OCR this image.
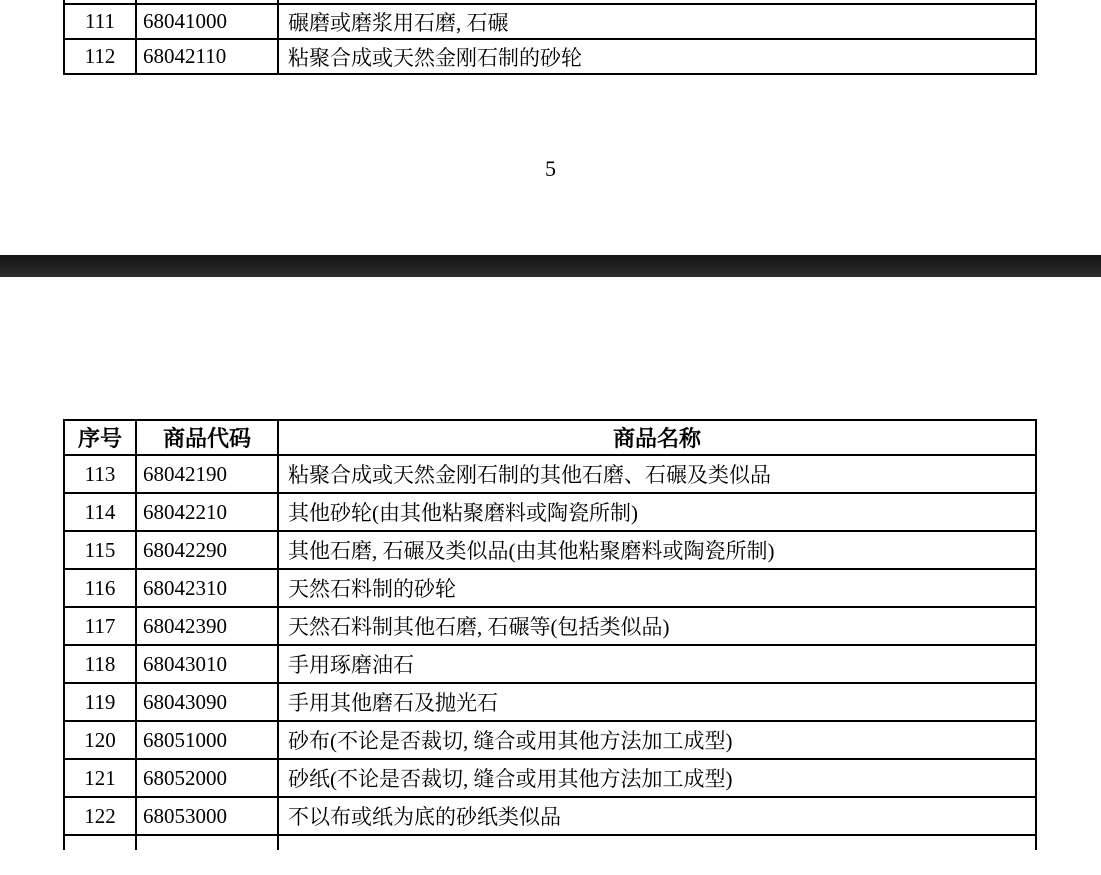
111	68041000	碾磨或磨浆用石磨, 石碾
112	68042110	粘聚合成或天然金刚石制的砂轮
5
序号	商品代码	商品名称
113	68042190	粘聚合成或天然金刚石制的其他石磨、石碾及类似品
114	68042210	其他砂轮(由其他粘聚磨料或陶瓷所制)
115	68042290	其他石磨, 石碾及类似品(由其他粘聚磨料或陶瓷所制)
116	68042310	天然石料制的砂轮
117	68042390	天然石料制其他石磨, 石碾等(包括类似品)
118	68043010	手用琢磨油石
119	68043090	手用其他磨石及抛光石
120	68051000	砂布(不论是否裁切, 缝合或用其他方法加工成型)
121	68052000	砂纸(不论是否裁切, 缝合或用其他方法加工成型)
122	68053000	不以布或纸为底的砂纸类似品
